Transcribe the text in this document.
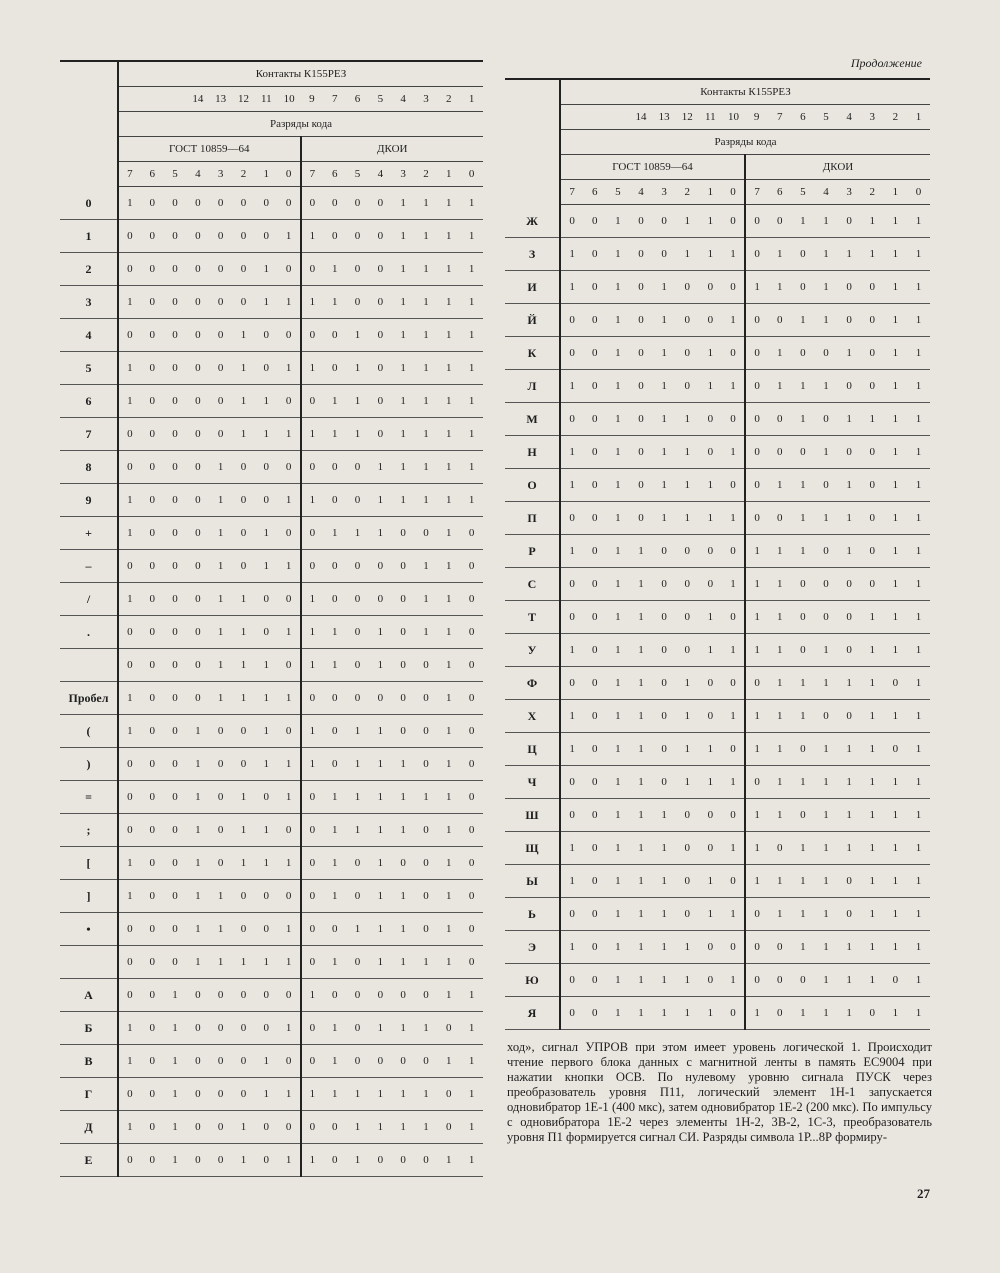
Продолжение
	Контакты К155РЕЗ															
				14	13	12	11	10	9	7	6	5	4	3	2	1
	Разряды кода															
	ГОСТ 10859—64								ДКОИ							
	7	6	5	4	3	2	1	0	7	6	5	4	3	2	1	0
0	1	0	0	0	0	0	0	0	0	0	0	0	1	1	1	1
1	0	0	0	0	0	0	0	1	1	0	0	0	1	1	1	1
2	0	0	0	0	0	0	1	0	0	1	0	0	1	1	1	1
3	1	0	0	0	0	0	1	1	1	1	0	0	1	1	1	1
4	0	0	0	0	0	1	0	0	0	0	1	0	1	1	1	1
5	1	0	0	0	0	1	0	1	1	0	1	0	1	1	1	1
6	1	0	0	0	0	1	1	0	0	1	1	0	1	1	1	1
7	0	0	0	0	0	1	1	1	1	1	1	0	1	1	1	1
8	0	0	0	0	1	0	0	0	0	0	0	1	1	1	1	1
9	1	0	0	0	1	0	0	1	1	0	0	1	1	1	1	1
+	1	0	0	0	1	0	1	0	0	1	1	1	0	0	1	0
–	0	0	0	0	1	0	1	1	0	0	0	0	0	1	1	0
/	1	0	0	0	1	1	0	0	1	0	0	0	0	1	1	0
.	0	0	0	0	1	1	0	1	1	1	0	1	0	1	1	0
	0	0	0	0	1	1	1	0	1	1	0	1	0	0	1	0
Пробел	1	0	0	0	1	1	1	1	0	0	0	0	0	0	1	0
(	1	0	0	1	0	0	1	0	1	0	1	1	0	0	1	0
)	0	0	0	1	0	0	1	1	1	0	1	1	1	0	1	0
=	0	0	0	1	0	1	0	1	0	1	1	1	1	1	1	0
;	0	0	0	1	0	1	1	0	0	1	1	1	1	0	1	0
[	1	0	0	1	0	1	1	1	0	1	0	1	0	0	1	0
]	1	0	0	1	1	0	0	0	0	1	0	1	1	0	1	0
•	0	0	0	1	1	0	0	1	0	0	1	1	1	0	1	0
	0	0	0	1	1	1	1	1	0	1	0	1	1	1	1	0
А	0	0	1	0	0	0	0	0	1	0	0	0	0	0	1	1
Б	1	0	1	0	0	0	0	1	0	1	0	1	1	1	0	1
В	1	0	1	0	0	0	1	0	0	1	0	0	0	0	1	1
Г	0	0	1	0	0	0	1	1	1	1	1	1	1	1	0	1
Д	1	0	1	0	0	1	0	0	0	0	1	1	1	1	0	1
Е	0	0	1	0	0	1	0	1	1	0	1	0	0	0	1	1
	Контакты К155РЕЗ															
				14	13	12	11	10	9	7	6	5	4	3	2	1
	Разряды кода															
	ГОСТ 10859—64								ДКОИ							
	7	6	5	4	3	2	1	0	7	6	5	4	3	2	1	0
Ж	0	0	1	0	0	1	1	0	0	0	1	1	0	1	1	1
З	1	0	1	0	0	1	1	1	0	1	0	1	1	1	1	1
И	1	0	1	0	1	0	0	0	1	1	0	1	0	0	1	1
Й	0	0	1	0	1	0	0	1	0	0	1	1	0	0	1	1
К	0	0	1	0	1	0	1	0	0	1	0	0	1	0	1	1
Л	1	0	1	0	1	0	1	1	0	1	1	1	0	0	1	1
М	0	0	1	0	1	1	0	0	0	0	1	0	1	1	1	1
Н	1	0	1	0	1	1	0	1	0	0	0	1	0	0	1	1
О	1	0	1	0	1	1	1	0	0	1	1	0	1	0	1	1
П	0	0	1	0	1	1	1	1	0	0	1	1	1	0	1	1
Р	1	0	1	1	0	0	0	0	1	1	1	0	1	0	1	1
С	0	0	1	1	0	0	0	1	1	1	0	0	0	0	1	1
Т	0	0	1	1	0	0	1	0	1	1	0	0	0	1	1	1
У	1	0	1	1	0	0	1	1	1	1	0	1	0	1	1	1
Ф	0	0	1	1	0	1	0	0	0	1	1	1	1	1	0	1
Х	1	0	1	1	0	1	0	1	1	1	1	0	0	1	1	1
Ц	1	0	1	1	0	1	1	0	1	1	0	1	1	1	0	1
Ч	0	0	1	1	0	1	1	1	0	1	1	1	1	1	1	1
Ш	0	0	1	1	1	0	0	0	1	1	0	1	1	1	1	1
Щ	1	0	1	1	1	0	0	1	1	0	1	1	1	1	1	1
Ы	1	0	1	1	1	0	1	0	1	1	1	1	0	1	1	1
Ь	0	0	1	1	1	0	1	1	0	1	1	1	0	1	1	1
Э	1	0	1	1	1	1	0	0	0	0	1	1	1	1	1	1
Ю	0	0	1	1	1	1	0	1	0	0	0	1	1	1	0	1
Я	0	0	1	1	1	1	1	0	1	0	1	1	1	0	1	1
ход», сигнал УПРОВ при этом имеет уровень логической 1. Происходит чтение первого блока данных с магнитной ленты в память ЕС9004 при нажатии кнопки ОСВ. По нулевому уровню сигнала ПУСК через преобразователь уровня П11, логический элемент 1Н-1 запускается одновибратор 1Е-1 (400 мкс), затем одновибратор 1Е-2 (200 мкс). По импульсу с одновибратора 1Е-2 через элементы 1Н-2, 3В-2, 1С-3, преобразователь уровня П1 формируется сигнал СИ. Разряды символа 1Р...8Р формиру-
27
